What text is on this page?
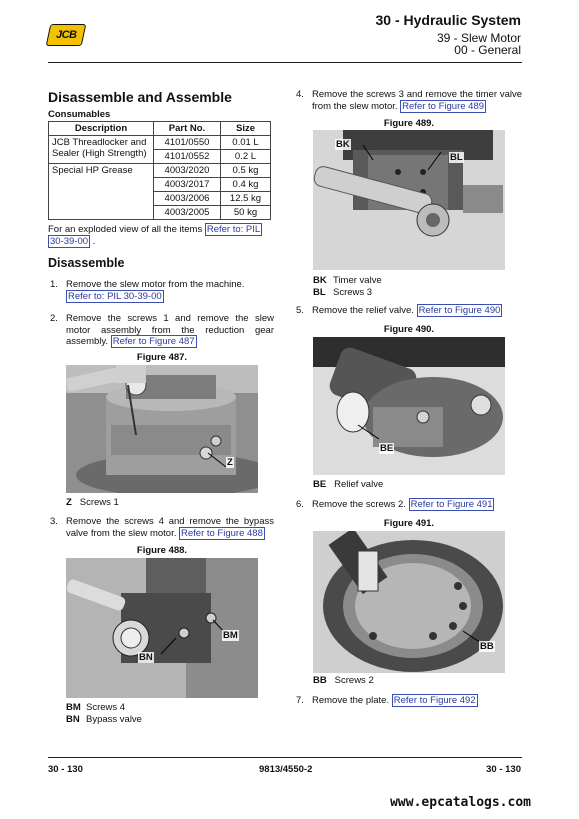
JCB
30 - Hydraulic System
39 - Slew Motor
00 - General
Disassemble and Assemble
Consumables
Description	Part No.	Size
JCB Threadlocker and Sealer (High Strength)	4101/0550	0.01 L
	4101/0552	0.2 L
Special HP Grease	4003/2020	0.5 kg
	4003/2017	0.4 kg
	4003/2006	12.5 kg
	4003/2005	50 kg
For an exploded view of all the items Refer to: PIL
30-39-00 .
Disassemble
1. Remove the slew motor from the machine.
Refer to: PIL 30-39-00
2. Remove the screws 1 and remove the slew motor assembly from the reduction gear assembly. Refer to Figure 487
Figure 487.
Z
Z Screws 1
3. Remove the screws 4 and remove the bypass valve from the slew motor. Refer to Figure 488
Figure 488.
BM
BN
BM Screws 4
BN Bypass valve
4. Remove the screws 3 and remove the timer valve from the slew motor. Refer to Figure 489
Figure 489.
BK
BL
BK Timer valve
BL Screws 3
5. Remove the relief valve. Refer to Figure 490
Figure 490.
BE
BE Relief valve
6. Remove the screws 2. Refer to Figure 491
Figure 491.
BB
BB Screws 2
7. Remove the plate. Refer to Figure 492
30 - 130	9813/4550-2	30 - 130
www.epcatalogs.com
